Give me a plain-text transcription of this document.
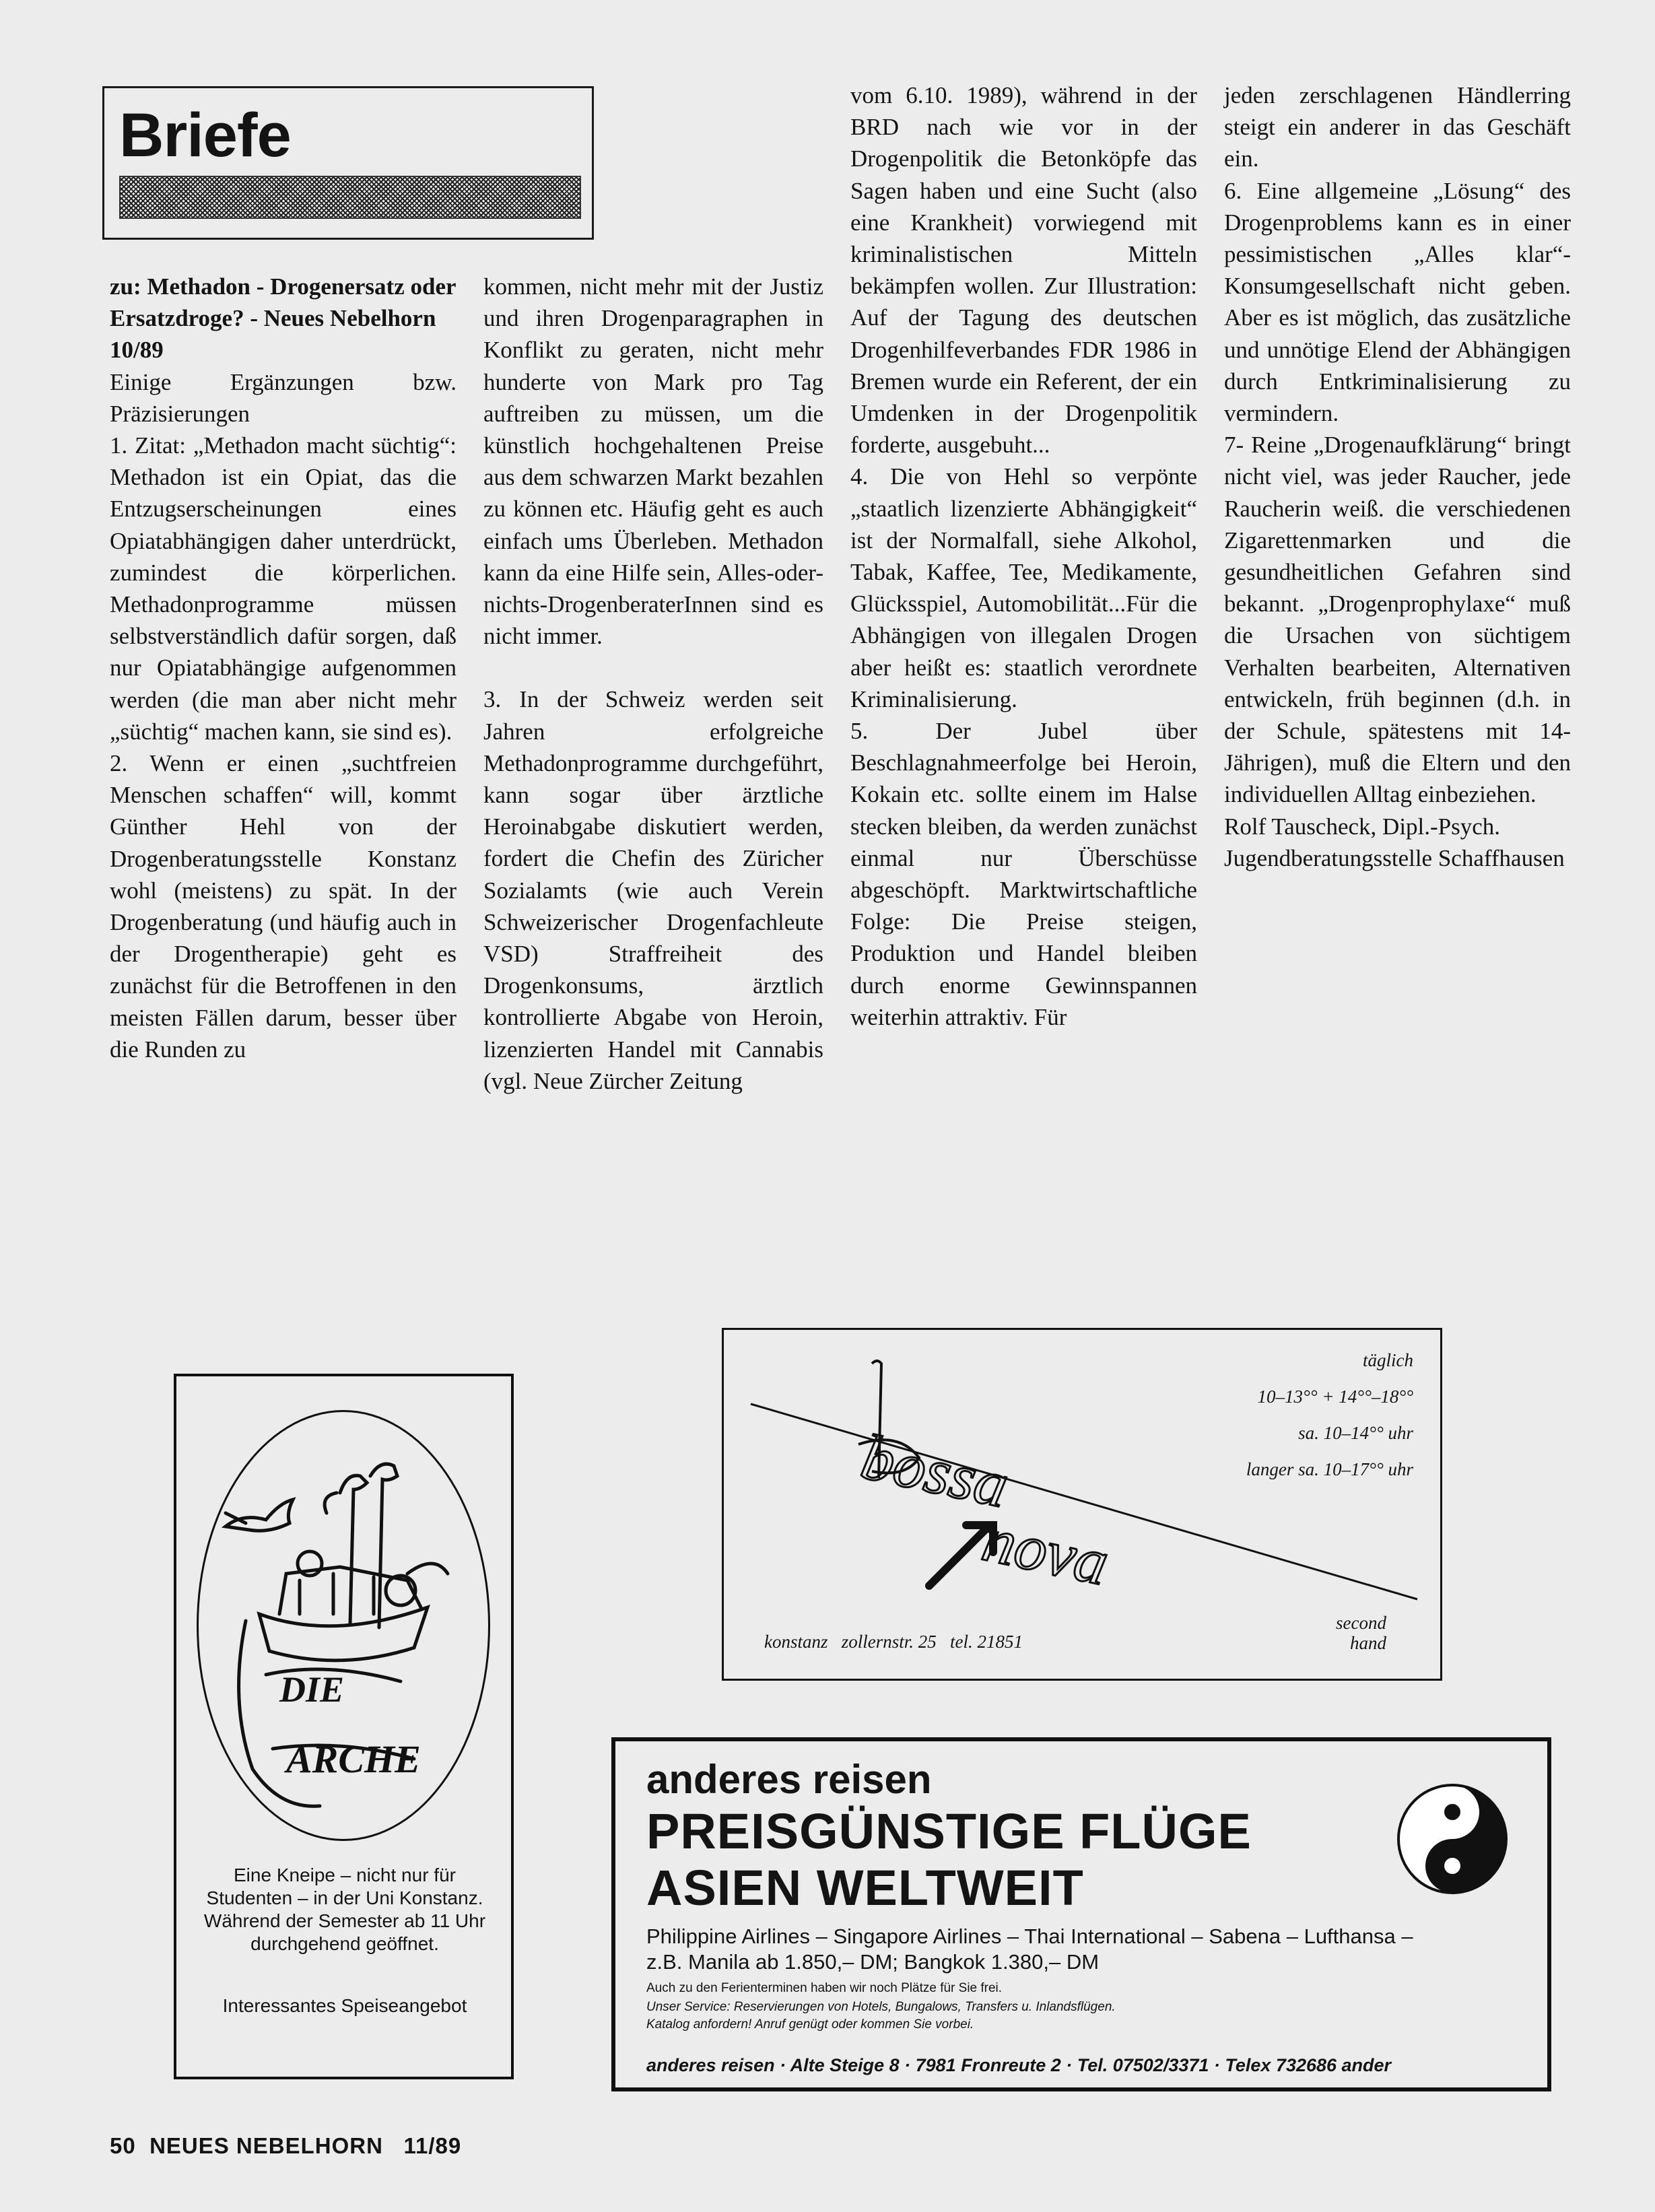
Briefe

zu: Methadon - Drogenersatz oder Ersatzdroge? - Neues Nebelhorn 10/89

Einige Ergänzungen bzw. Präzisierungen

1. Zitat: „Methadon macht süchtig“: Methadon ist ein Opiat, das die Entzugserscheinungen eines Opiatabhängigen daher unterdrückt, zumindest die körperlichen. Methadonprogramme müssen selbstverständlich dafür sorgen, daß nur Opiatabhängige aufgenommen werden (die man aber nicht mehr „süchtig“ machen kann, sie sind es).

2. Wenn er einen „suchtfreien Menschen schaffen“ will, kommt Günther Hehl von der Drogenberatungsstelle Konstanz wohl (meistens) zu spät. In der Drogenberatung (und häufig auch in der Drogentherapie) geht es zunächst für die Betroffenen in den meisten Fällen darum, besser über die Runden zu

kommen, nicht mehr mit der Justiz und ihren Drogenparagraphen in Konflikt zu geraten, nicht mehr hunderte von Mark pro Tag auftreiben zu müssen, um die künstlich hochgehaltenen Preise aus dem schwarzen Markt bezahlen zu können etc. Häufig geht es auch einfach ums Überleben. Methadon kann da eine Hilfe sein, Alles-oder-nichts-DrogenberaterInnen sind es nicht immer.

3. In der Schweiz werden seit Jahren erfolgreiche Methadonprogramme durchgeführt, kann sogar über ärztliche Heroinabgabe diskutiert werden, fordert die Chefin des Züricher Sozialamts (wie auch Verein Schweizerischer Drogenfachleute VSD) Straffreiheit des Drogenkonsums, ärztlich kontrollierte Abgabe von Heroin, lizenzierten Handel mit Cannabis (vgl. Neue Zürcher Zeitung

vom 6.10. 1989), während in der BRD nach wie vor in der Drogenpolitik die Betonköpfe das Sagen haben und eine Sucht (also eine Krankheit) vorwiegend mit kriminalistischen Mitteln bekämpfen wollen. Zur Illustration: Auf der Tagung des deutschen Drogenhilfeverbandes FDR 1986 in Bremen wurde ein Referent, der ein Umdenken in der Drogenpolitik forderte, ausgebuht...

4. Die von Hehl so verpönte „staatlich lizenzierte Abhängigkeit“ ist der Normalfall, siehe Alkohol, Tabak, Kaffee, Tee, Medikamente, Glücksspiel, Automobilität...Für die Abhängigen von illegalen Drogen aber heißt es: staatlich verordnete Kriminalisierung.

5. Der Jubel über Beschlagnahmeerfolge bei Heroin, Kokain etc. sollte einem im Halse stecken bleiben, da werden zunächst einmal nur Überschüsse abgeschöpft. Marktwirtschaftliche Folge: Die Preise steigen, Produktion und Handel bleiben durch enorme Gewinnspannen weiterhin attraktiv. Für

jeden zerschlagenen Händlerring steigt ein anderer in das Geschäft ein.

6. Eine allgemeine „Lösung“ des Drogenproblems kann es in einer pessimistischen „Alles klar“-Konsumgesellschaft nicht geben. Aber es ist möglich, das zusätzliche und unnötige Elend der Abhängigen durch Entkriminalisierung zu vermindern.

7- Reine „Drogenaufklärung“ bringt nicht viel, was jeder Raucher, jede Raucherin weiß. die verschiedenen Zigarettenmarken und die gesundheitlichen Gefahren sind bekannt. „Drogenprophylaxe“ muß die Ursachen von süchtigem Verhalten bearbeiten, Alternativen entwickeln, früh beginnen (d.h. in der Schule, spätestens mit 14-Jährigen), muß die Eltern und den individuellen Alltag einbeziehen.

Rolf Tauscheck, Dipl.-Psych.

Jugendberatungsstelle Schaffhausen

DIE
ARCHE
Eine Kneipe – nicht nur für Studenten – in der Uni Konstanz. Während der Semester ab 11 Uhr durchgehend geöffnet.
Interessantes Speiseangebot
bossa
nova
täglich
10–13°° + 14°°–18°°
sa. 10–14°° uhr
langer sa. 10–17°° uhr
konstanz   zollernstr. 25   tel. 21851
second
hand
anderes reisen
PREISGÜNSTIGE FLÜGE
ASIEN WELTWEIT
Philippine Airlines – Singapore Airlines – Thai International – Sabena – Lufthansa –
z.B. Manila ab 1.850,– DM; Bangkok 1.380,– DM
Auch zu den Ferienterminen haben wir noch Plätze für Sie frei.
Unser Service: Reservierungen von Hotels, Bungalows, Transfers u. Inlandsflügen.
Katalog anfordern! Anruf genügt oder kommen Sie vorbei.
anderes reisen · Alte Steige 8 · 7981 Fronreute 2 · Tel. 07502/3371 · Telex 732686 ander
50 NEUES NEBELHORN 11/89
